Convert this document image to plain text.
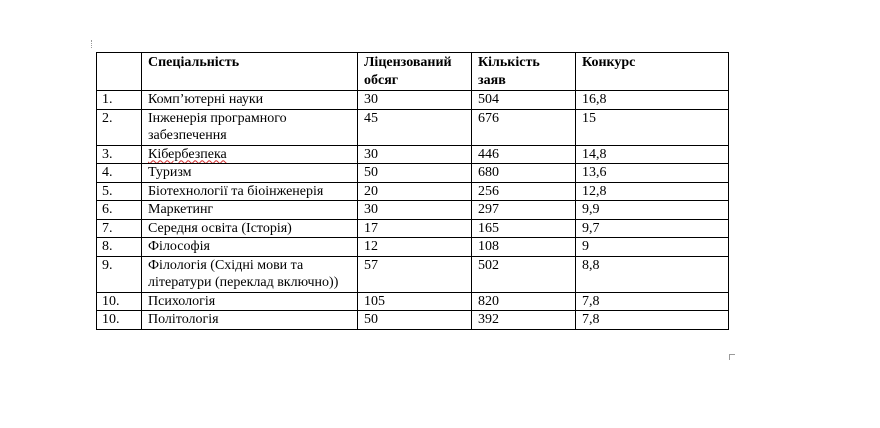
	Спеціальність	Ліцензований обсяг	Кількість заяв	Конкурс
1.	Комп’ютерні науки	30	504	16,8
2.	Інженерія програмного забезпечення	45	676	15
3.	Кібербезпека	30	446	14,8
4.	Туризм	50	680	13,6
5.	Біотехнології та біоінженерія	20	256	12,8
6.	Маркетинг	30	297	9,9
7.	Середня освіта (Історія)	17	165	9,7
8.	Філософія	12	108	9
9.	Філологія (Східні мови та літератури (переклад включно))	57	502	8,8
10.	Психологія	105	820	7,8
10.	Політологія	50	392	7,8
